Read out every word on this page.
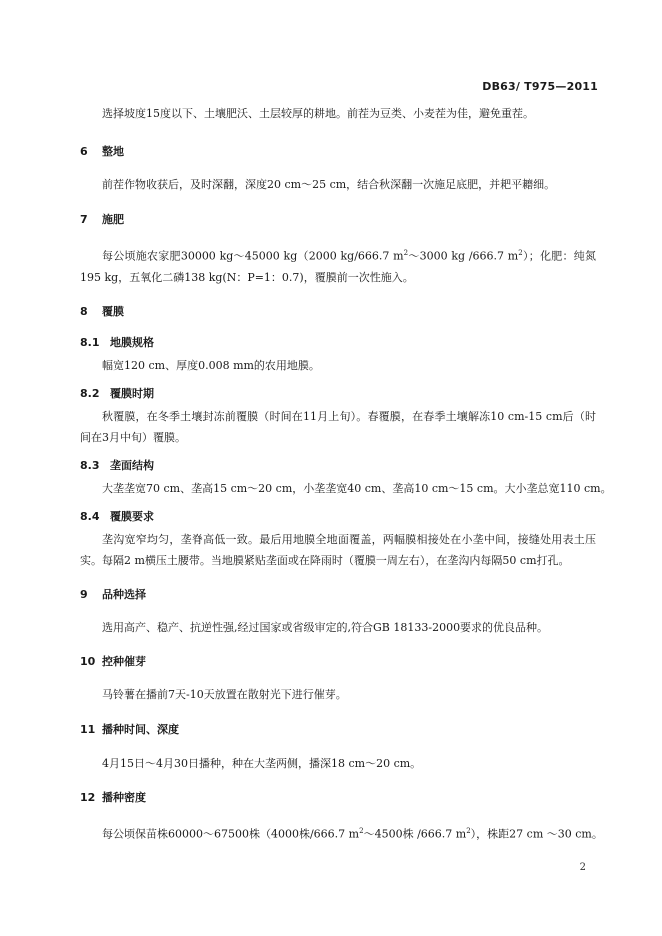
DB63/ T975—2011
选择坡度15度以下、土壤肥沃、土层较厚的耕地。前茬为豆类、小麦茬为佳，避免重茬。
6 整地
前茬作物收获后，及时深翻，深度20 cm～25 cm，结合秋深翻一次施足底肥，并耙平耱细。
7 施肥
每公顷施农家肥30000 kg～45000 kg（2000 kg/666.7 $m^2\sim 3000$ kg /666.7 $m^2$）；化肥：纯氮195 kg，五氧化二磷138 kg(N：P=1：0.7)，覆膜前一次性施入。
8 覆膜
8.1 地膜规格
幅宽120 cm、厚度0.008 mm的农用地膜。
8.2 覆膜时期
秋覆膜，在冬季土壤封冻前覆膜（时间在11月上旬）。春覆膜，在春季土壤解冻10 cm-15 cm后（时间在3月中旬）覆膜。
8.3 垄面结构
大垄垄宽70 cm、垄高15 cm～20 cm，小垄垄宽40 cm、垄高10 cm～15 cm。大小垄总宽110 cm。
8.4 覆膜要求
垄沟宽窄均匀，垄脊高低一致。最后用地膜全地面覆盖，两幅膜相接处在小垄中间，接缝处用表土压实。每隔2 m横压土腰带。当地膜紧贴垄面或在降雨时（覆膜一周左右），在垄沟内每隔50 cm打孔。
9 品种选择
选用高产、稳产、抗逆性强,经过国家或省级审定的,符合GB 18133-2000要求的优良品种。
10 控种催芽
马铃薯在播前7天-10天放置在散射光下进行催芽。
11 播种时间、深度
4月15日～4月30日播种，种在大垄两侧，播深18 cm～20 cm。
12 播种密度
每公顷保苗株60000～67500株（4000株/666.7 $m^2\sim 4500$株 /666.7 $m^2$），株距27 cm ～30 cm。
2
